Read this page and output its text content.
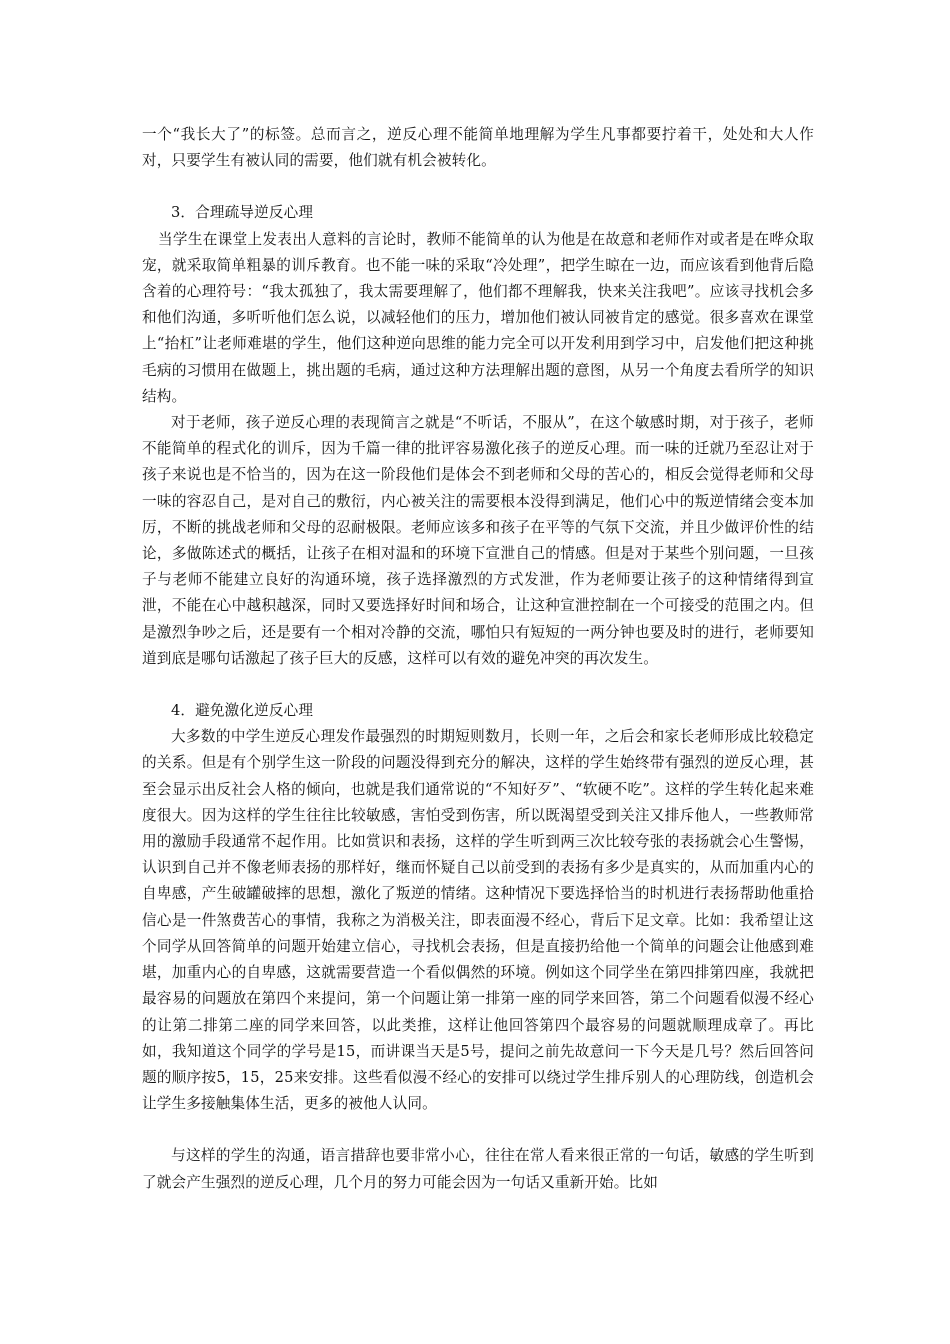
一个“我长大了”的标签。总而言之，逆反心理不能简单地理解为学生凡事都要拧着干，处处和大人作对，只要学生有被认同的需要，他们就有机会被转化。

3．合理疏导逆反心理

当学生在课堂上发表出人意料的言论时，教师不能简单的认为他是在故意和老师作对或者是在哗众取宠，就采取简单粗暴的训斥教育。也不能一味的采取“冷处理”，把学生晾在一边，而应该看到他背后隐含着的心理符号：“我太孤独了，我太需要理解了，他们都不理解我，快来关注我吧”。应该寻找机会多和他们沟通，多听听他们怎么说，以减轻他们的压力，增加他们被认同被肯定的感觉。很多喜欢在课堂上“抬杠”让老师难堪的学生，他们这种逆向思维的能力完全可以开发利用到学习中，启发他们把这种挑毛病的习惯用在做题上，挑出题的毛病，通过这种方法理解出题的意图，从另一个角度去看所学的知识结构。

对于老师，孩子逆反心理的表现简言之就是“不听话，不服从”，在这个敏感时期，对于孩子，老师不能简单的程式化的训斥，因为千篇一律的批评容易激化孩子的逆反心理。而一味的迁就乃至忍让对于孩子来说也是不恰当的，因为在这一阶段他们是体会不到老师和父母的苦心的，相反会觉得老师和父母一味的容忍自己，是对自己的敷衍，内心被关注的需要根本没得到满足，他们心中的叛逆情绪会变本加厉，不断的挑战老师和父母的忍耐极限。老师应该多和孩子在平等的气氛下交流，并且少做评价性的结论，多做陈述式的概括，让孩子在相对温和的环境下宣泄自己的情感。但是对于某些个别问题，一旦孩子与老师不能建立良好的沟通环境，孩子选择激烈的方式发泄，作为老师要让孩子的这种情绪得到宣泄，不能在心中越积越深，同时又要选择好时间和场合，让这种宣泄控制在一个可接受的范围之内。但是激烈争吵之后，还是要有一个相对冷静的交流，哪怕只有短短的一两分钟也要及时的进行，老师要知道到底是哪句话激起了孩子巨大的反感，这样可以有效的避免冲突的再次发生。

4．避免激化逆反心理

大多数的中学生逆反心理发作最强烈的时期短则数月，长则一年，之后会和家长老师形成比较稳定的关系。但是有个别学生这一阶段的问题没得到充分的解决，这样的学生始终带有强烈的逆反心理，甚至会显示出反社会人格的倾向，也就是我们通常说的“不知好歹”、“软硬不吃”。这样的学生转化起来难度很大。因为这样的学生往往比较敏感，害怕受到伤害，所以既渴望受到关注又排斥他人，一些教师常用的激励手段通常不起作用。比如赏识和表扬，这样的学生听到两三次比较夸张的表扬就会心生警惕，认识到自己并不像老师表扬的那样好，继而怀疑自己以前受到的表扬有多少是真实的，从而加重内心的自卑感，产生破罐破摔的思想，激化了叛逆的情绪。这种情况下要选择恰当的时机进行表扬帮助他重拾信心是一件煞费苦心的事情，我称之为消极关注，即表面漫不经心，背后下足文章。比如：我希望让这个同学从回答简单的问题开始建立信心，寻找机会表扬，但是直接扔给他一个简单的问题会让他感到难堪，加重内心的自卑感，这就需要营造一个看似偶然的环境。例如这个同学坐在第四排第四座，我就把最容易的问题放在第四个来提问，第一个问题让第一排第一座的同学来回答，第二个问题看似漫不经心的让第二排第二座的同学来回答，以此类推，这样让他回答第四个最容易的问题就顺理成章了。再比如，我知道这个同学的学号是15，而讲课当天是5号，提问之前先故意问一下今天是几号？然后回答问题的顺序按5，15，25来安排。这些看似漫不经心的安排可以绕过学生排斥别人的心理防线，创造机会让学生多接触集体生活，更多的被他人认同。

与这样的学生的沟通，语言措辞也要非常小心，往往在常人看来很正常的一句话，敏感的学生听到了就会产生强烈的逆反心理，几个月的努力可能会因为一句话又重新开始。比如
